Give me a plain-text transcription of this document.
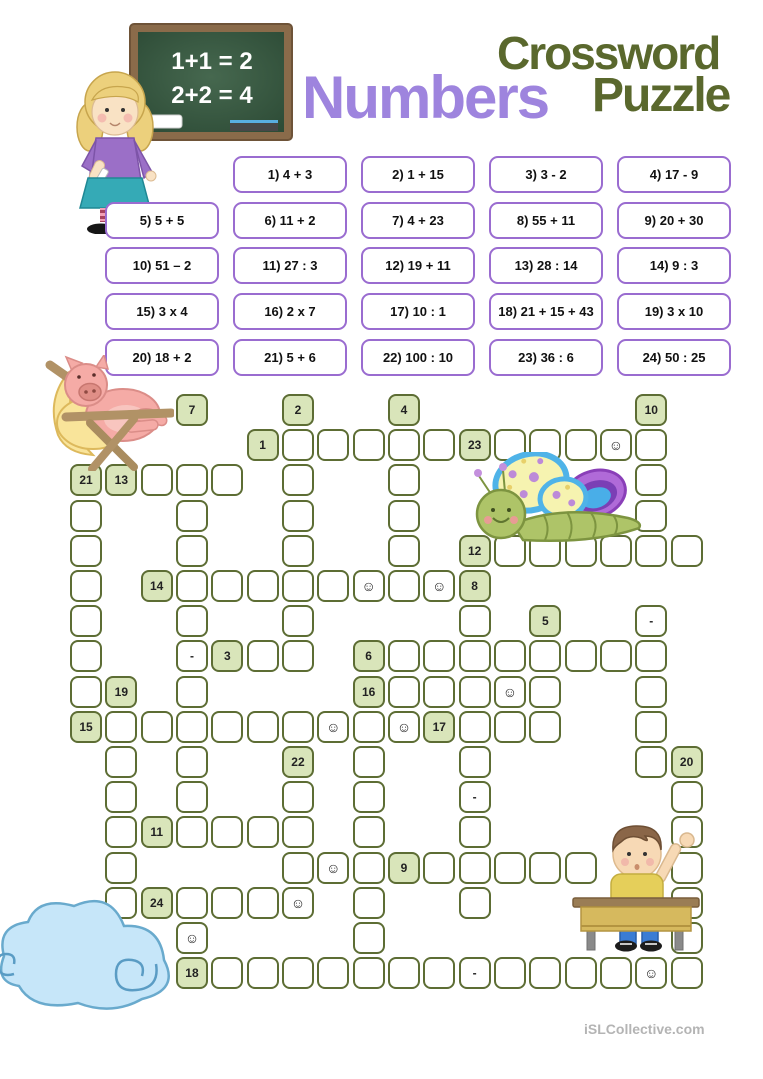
1+1 = 2
2+2 = 4 Numbers
Crossword
Puzzle
1) 4 + 3	2) 1 + 15	3) 3 - 2	4) 17 - 9
5) 5 + 5	6) 11 + 2	7) 4 + 23	8) 55 + 11	9) 20 + 30
10) 51 – 2	11) 27 : 3	12) 19 + 11	13) 28 : 14	14) 9 : 3
15) 3 x 4	16) 2 x 7	17) 10 : 1	18) 21 + 15 + 43	19) 3 x 10
20) 18 + 2	21) 5 + 6	22) 100 : 10	23) 36 : 6	24) 50 : 25
7	2	4	10
1	23	☺
21	13
12
14	☺	☺	8
5	-
-	3	6
19	16	☺
15	☺	☺	17
22	20
-
11
☺	9
24	☺
☺
18	-	☺
iSLCollective.com
